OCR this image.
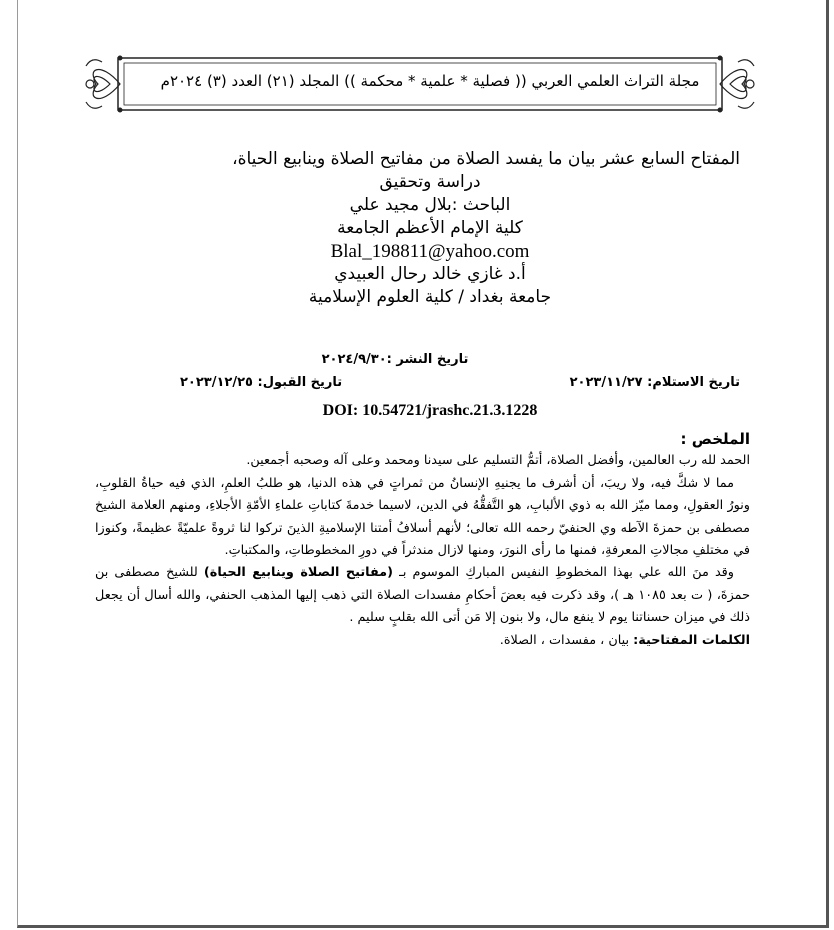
مجلة التراث العلمي العربي (( فصلية * علمية * محكمة )) المجلد (٢١) العدد (٣) ٢٠٢٤م
المفتاح السابع عشر بيان ما يفسد الصلاة من مفاتيح الصلاة وينابيع الحياة،
دراسة وتحقيق
الباحث :بلال مجيد علي
كلية الإمام الأعظم الجامعة
Blal_198811@yahoo.com
أ.د غازي خالد رحال العبيدي
جامعة بغداد / كلية العلوم الإسلامية
تاريخ النشر :٢٠٢٤/٩/٣٠
تاريخ الاستلام: ٢٠٢٣/١١/٢٧
تاريخ القبول: ٢٠٢٣/١٢/٢٥
DOI: 10.54721/jrashc.21.3.1228
الملخص :

الحمد لله رب العالمين، وأفضل الصلاة، أتمُّ التسليم على سيدنا ومحمد وعلى آله وصحبه أجمعين.

مما لا شكَّ فيه، ولا ريبَ، أن أشرف ما يجنيهِ الإنسانُ من ثمراتٍ في هذه الدنيا، هو طلبُ العلمِ، الذي فيه حياةُ القلوبِ، ونورُ العقولِ، ومما ميّز الله به ذوي الألبابِ، هو التَّفقُّهُ في الدين، لاسيما خدمةَ كتاباتِ علماءِ الأمّةِ الأجلاءِ، ومنهم العلامة الشيخ مصطفى بن حمزةَ الآطه وي الحنفيّ رحمه الله تعالى؛ لأنهم أسلافُ أمتنا الإسلاميةِ الذينَ تركوا لنا ثروةً علميّةً عظيمةً، وكنوزا في مختلفِ مجالاتِ المعرفةِ، فمنها ما رأى النورَ، ومنها لازال مندثراً في دورِ المخطوطاتِ، والمكتباتِ.

وقد منَ الله علي بهذا المخطوطِ النفيس المباركِ الموسوم بـ (مفاتيح الصلاة وينابيع الحياة) للشيخ مصطفى بن حمزةَ، ( ت بعد ١٠٨٥ هـ )، وقد ذكرت فيه بعضَ أحكامِ مفسدات الصلاة التي ذهب إليها المذهب الحنفي، والله أسال أن يجعل ذلك في ميزان حسناتنا يوم لا ينفع مال، ولا بنون إلا مَن أتى الله بقلبٍ سليم .

الكلمات المفتاحية: بيان ، مفسدات ، الصلاة.
